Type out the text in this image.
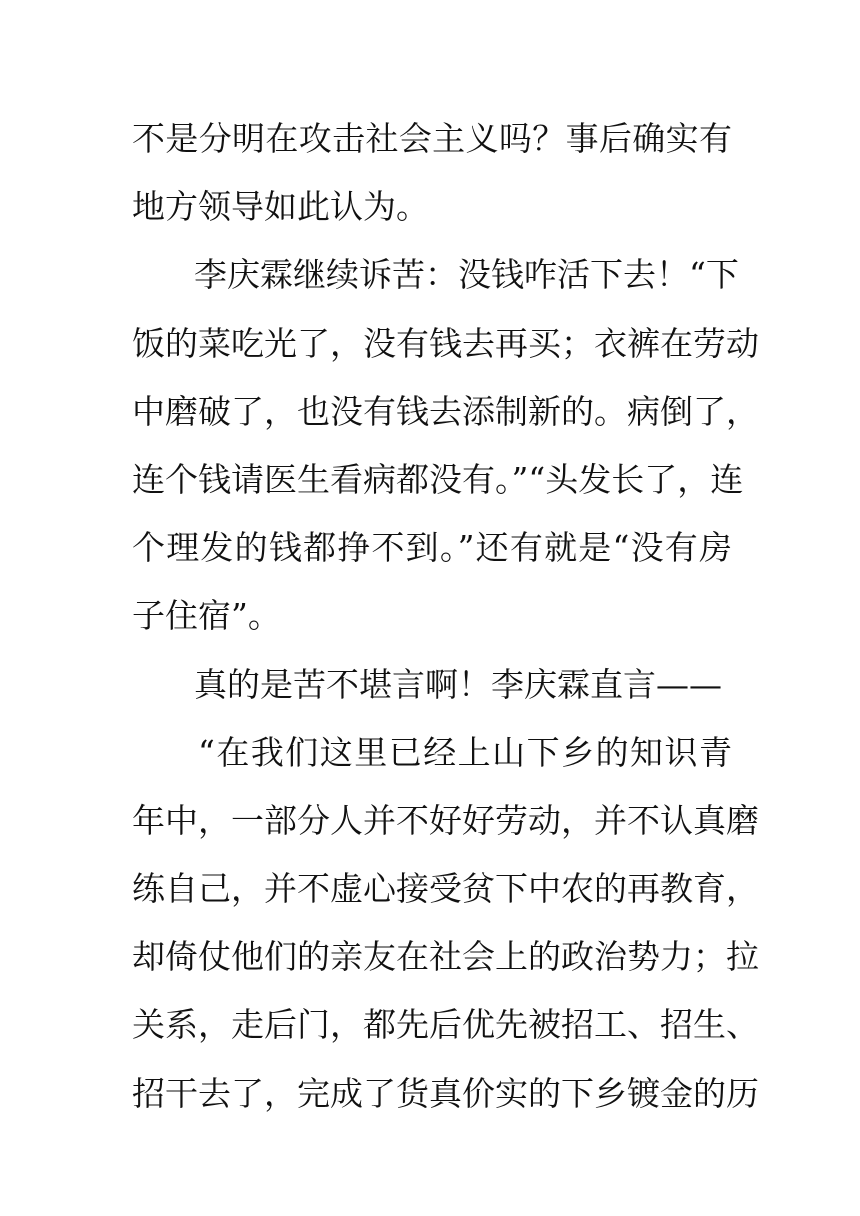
不是分明在攻击社会主义吗？事后确实有
地方领导如此认为。
李庆霖继续诉苦：没钱咋活下去！“下
饭的菜吃光了，没有钱去再买；衣裤在劳动
中磨破了，也没有钱去添制新的。病倒了，
连个钱请医生看病都没有。”“头发长了，连
个理发的钱都挣不到。”还有就是“没有房
子住宿”。
真的是苦不堪言啊！李庆霖直言——
“在我们这里已经上山下乡的知识青
年中，一部分人并不好好劳动，并不认真磨
练自己，并不虚心接受贫下中农的再教育，
却倚仗他们的亲友在社会上的政治势力；拉
关系，走后门，都先后优先被招工、招生、
招干去了，完成了货真价实的下乡镀金的历
